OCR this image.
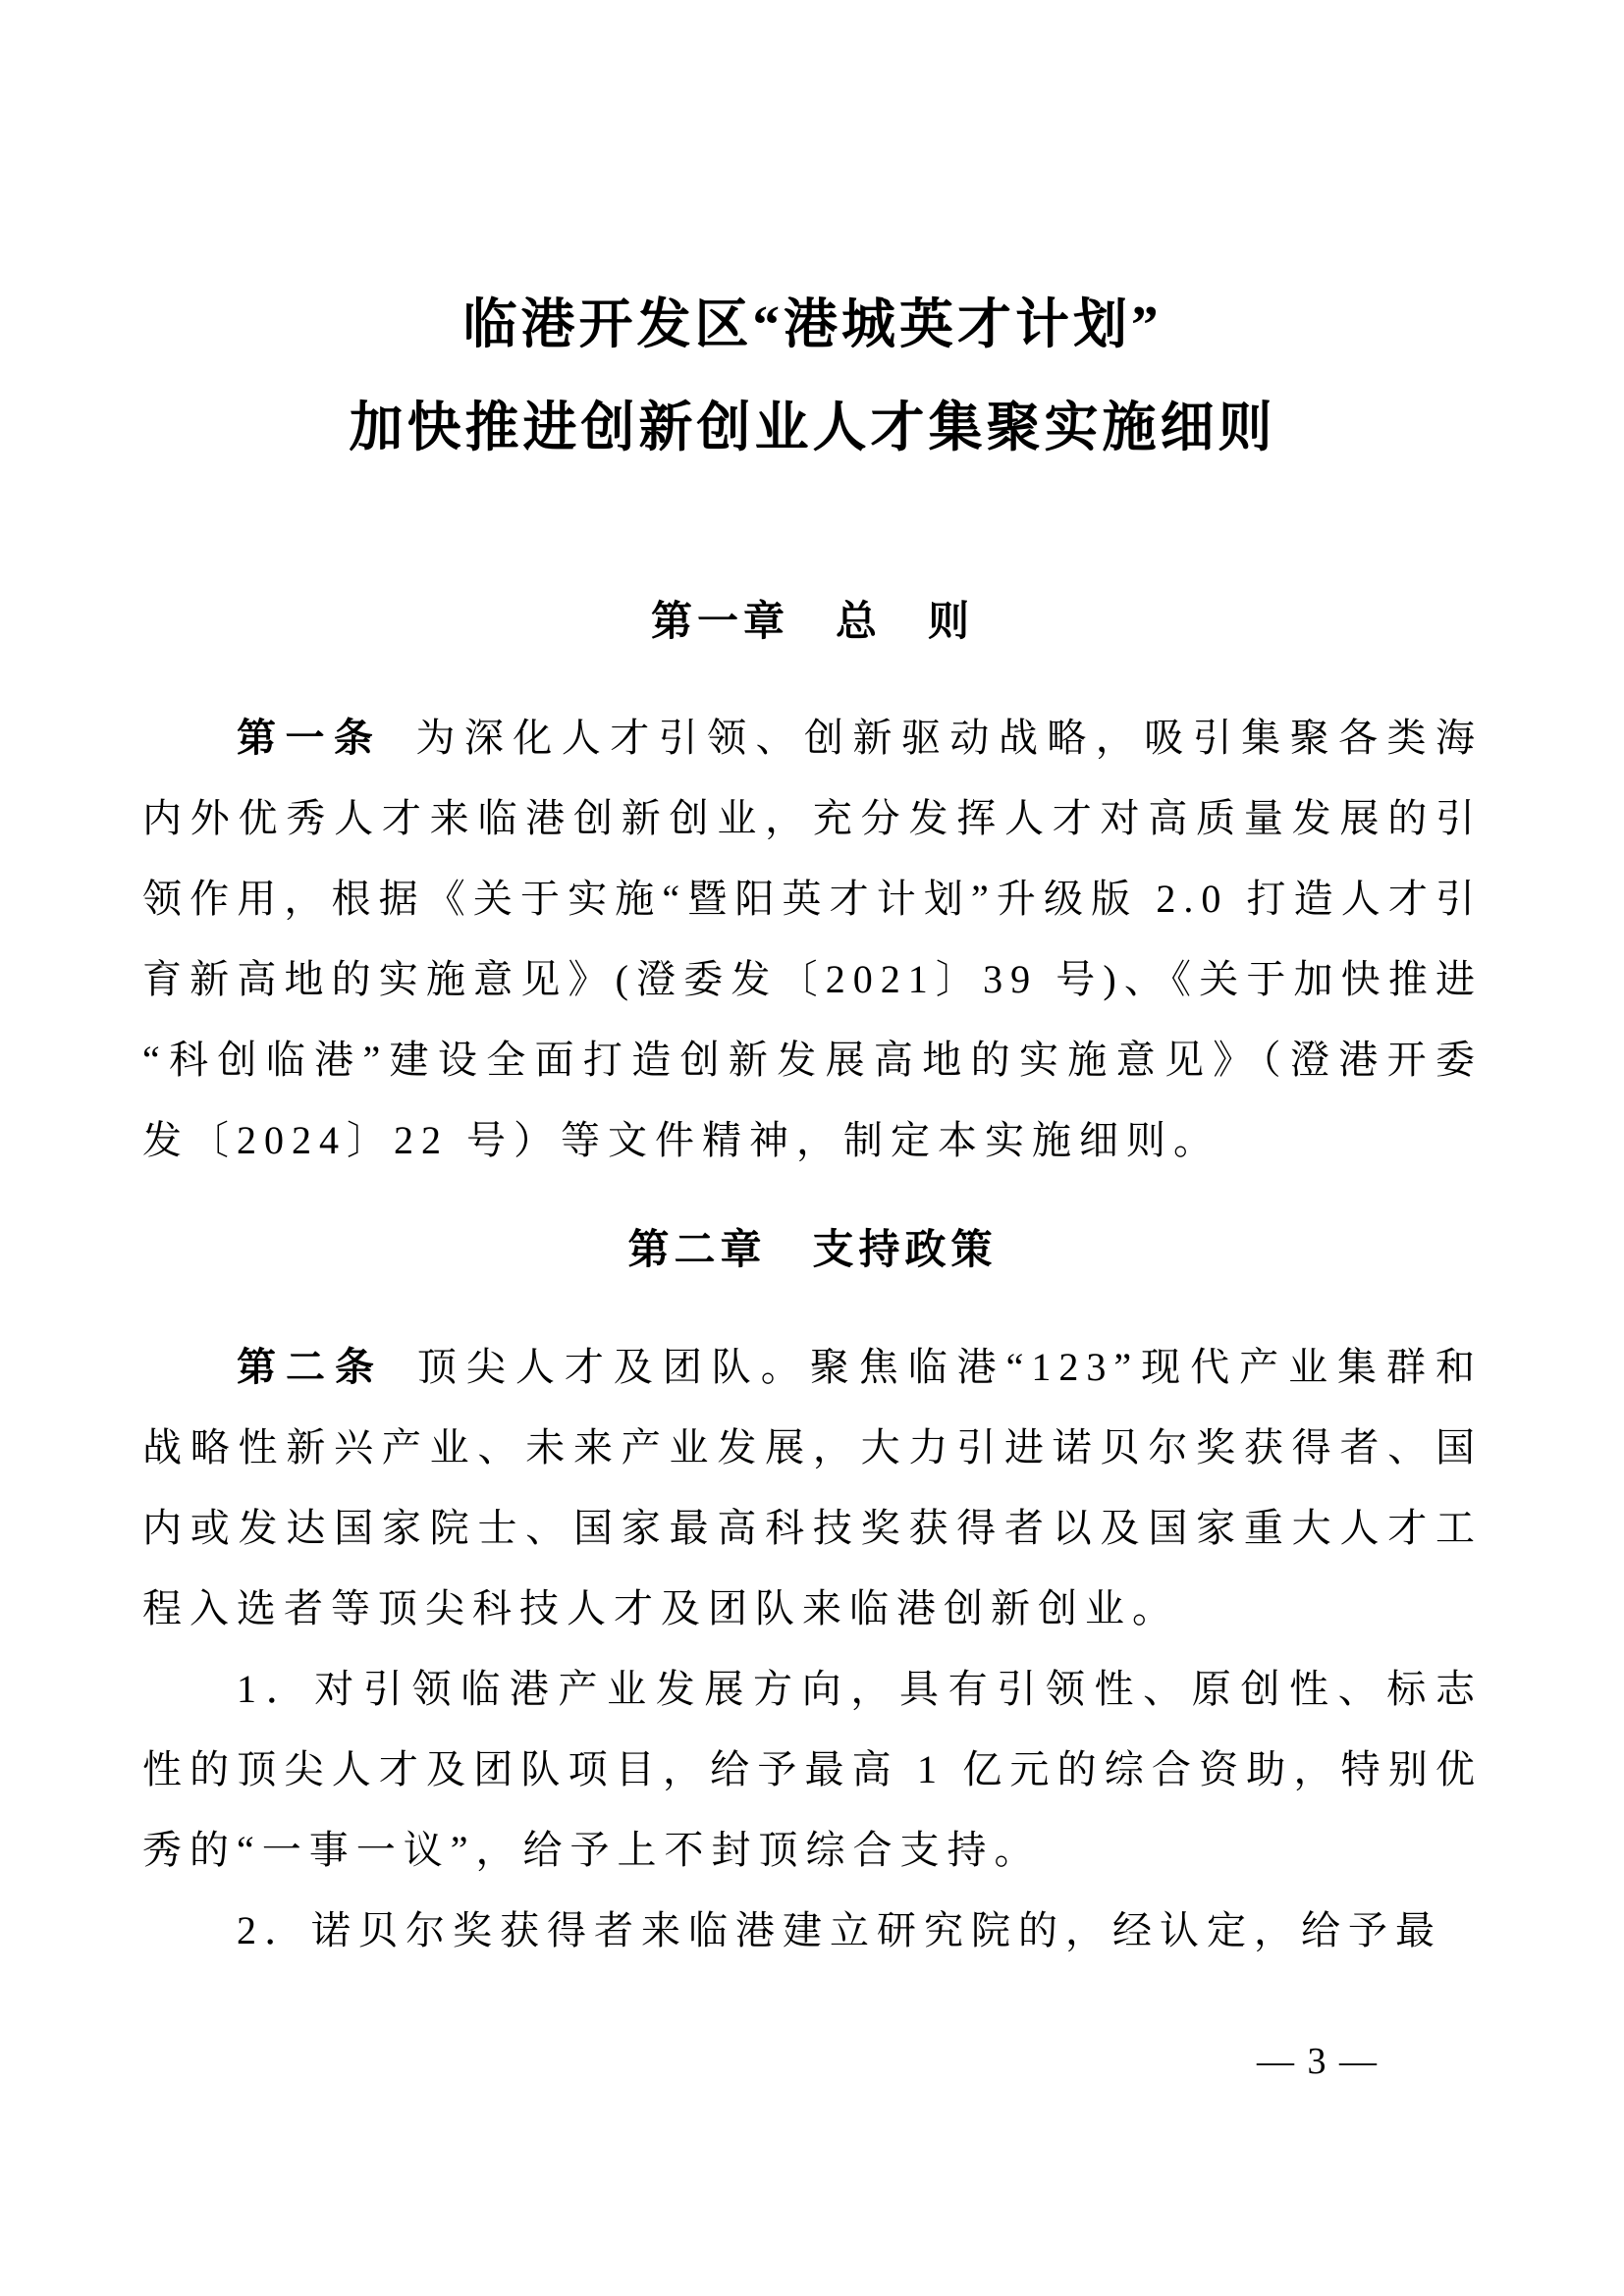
临港开发区“港城英才计划”
加快推进创新创业人才集聚实施细则
第一章　总　则

第一条 为深化人才引领、创新驱动战略，吸引集聚各类海内外优秀人才来临港创新创业，充分发挥人才对高质量发展的引领作用，根据《关于实施“暨阳英才计划”升级版 2.0 打造人才引育新高地的实施意见》(澄委发〔2021〕39 号)、《关于加快推进“科创临港”建设全面打造创新发展高地的实施意见》（澄港开委发〔2024〕22 号）等文件精神，制定本实施细则。

第二章　支持政策

第二条 顶尖人才及团队。聚焦临港“123”现代产业集群和战略性新兴产业、未来产业发展，大力引进诺贝尔奖获得者、国内或发达国家院士、国家最高科技奖获得者以及国家重大人才工程入选者等顶尖科技人才及团队来临港创新创业。

1．对引领临港产业发展方向，具有引领性、原创性、标志性的顶尖人才及团队项目，给予最高 1 亿元的综合资助，特别优秀的“一事一议”，给予上不封顶综合支持。

2．诺贝尔奖获得者来临港建立研究院的，经认定，给予最

— 3 —
